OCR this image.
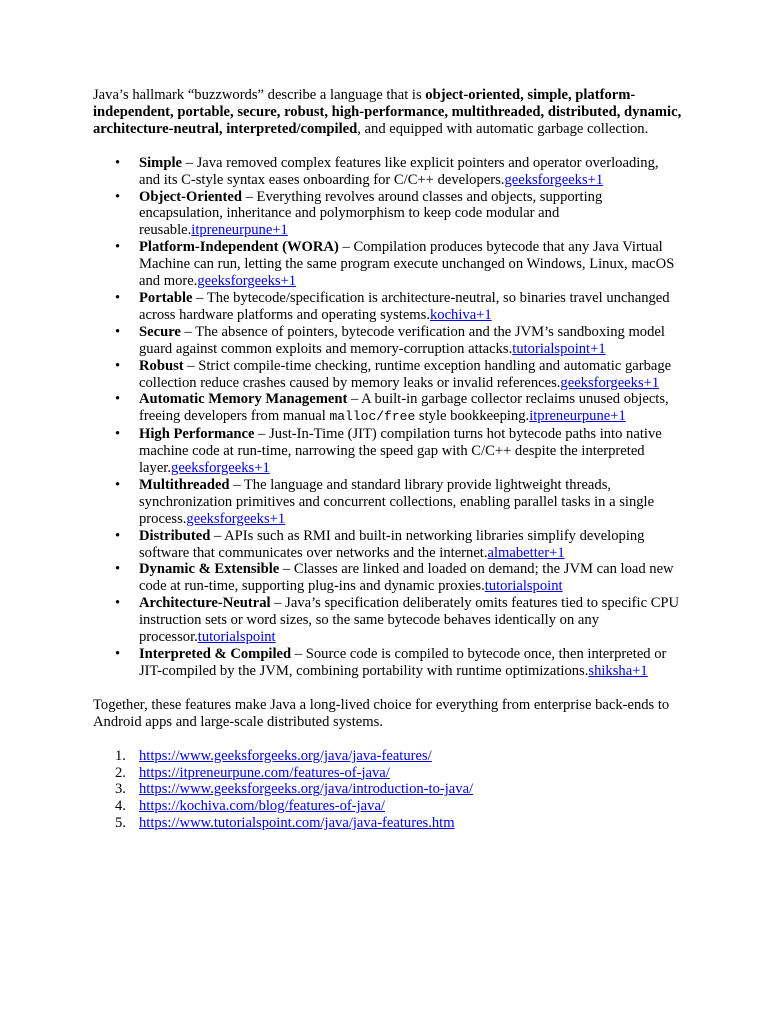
Java’s hallmark “buzzwords” describe a language that is object-oriented, simple, platform-independent, portable, secure, robust, high-performance, multithreaded, distributed, dynamic, architecture-neutral, interpreted/compiled, and equipped with automatic garbage collection.

• Simple – Java removed complex features like explicit pointers and operator overloading, and its C-style syntax eases onboarding for C/C++ developers.geeksforgeeks+1
• Object-Oriented – Everything revolves around classes and objects, supporting encapsulation, inheritance and polymorphism to keep code modular and reusable.itpreneurpune+1
• Platform-Independent (WORA) – Compilation produces bytecode that any Java Virtual Machine can run, letting the same program execute unchanged on Windows, Linux, macOS and more.geeksforgeeks+1
• Portable – The bytecode/specification is architecture-neutral, so binaries travel unchanged across hardware platforms and operating systems.kochiva+1
• Secure – The absence of pointers, bytecode verification and the JVM’s sandboxing model guard against common exploits and memory-corruption attacks.tutorialspoint+1
• Robust – Strict compile-time checking, runtime exception handling and automatic garbage collection reduce crashes caused by memory leaks or invalid references.geeksforgeeks+1
• Automatic Memory Management – A built-in garbage collector reclaims unused objects, freeing developers from manual malloc/free style bookkeeping.itpreneurpune+1
• High Performance – Just-In-Time (JIT) compilation turns hot bytecode paths into native machine code at run-time, narrowing the speed gap with C/C++ despite the interpreted layer.geeksforgeeks+1
• Multithreaded – The language and standard library provide lightweight threads, synchronization primitives and concurrent collections, enabling parallel tasks in a single process.geeksforgeeks+1
• Distributed – APIs such as RMI and built-in networking libraries simplify developing software that communicates over networks and the internet.almabetter+1
• Dynamic & Extensible – Classes are linked and loaded on demand; the JVM can load new code at run-time, supporting plug-ins and dynamic proxies.tutorialspoint
• Architecture-Neutral – Java’s specification deliberately omits features tied to specific CPU instruction sets or word sizes, so the same bytecode behaves identically on any processor.tutorialspoint
• Interpreted & Compiled – Source code is compiled to bytecode once, then interpreted or JIT-compiled by the JVM, combining portability with runtime optimizations.shiksha+1

Together, these features make Java a long-lived choice for everything from enterprise back-ends to Android apps and large-scale distributed systems.

1. https://www.geeksforgeeks.org/java/java-features/
2. https://itpreneurpune.com/features-of-java/
3. https://www.geeksforgeeks.org/java/introduction-to-java/
4. https://kochiva.com/blog/features-of-java/
5. https://www.tutorialspoint.com/java/java-features.htm
